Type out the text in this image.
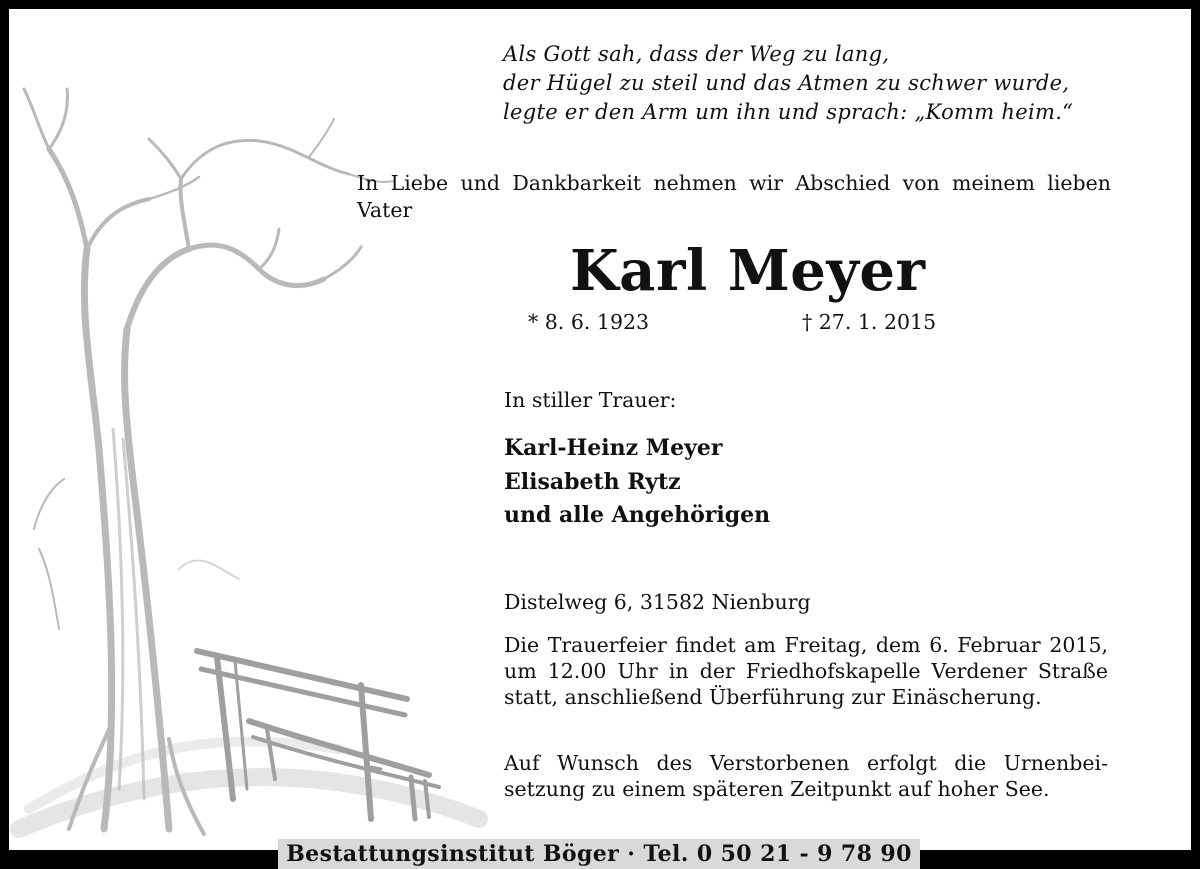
Als Gott sah, dass der Weg zu lang,
der Hügel zu steil und das Atmen zu schwer wurde,
legte er den Arm um ihn und sprach: „Komm heim.“
In Liebe und Dankbarkeit nehmen wir Abschied von meinem lieben Vater
Karl Meyer
* 8. 6. 1923	† 27. 1. 2015
In stiller Trauer:
Karl-Heinz Meyer
Elisabeth Rytz
und alle Angehörigen
Distelweg 6, 31582 Nienburg
Die Trauerfeier findet am Freitag, dem 6. Februar 2015, um 12.00 Uhr in der Friedhofskapelle Verdener Straße statt, anschließend Überführung zur Einäscherung.
Auf Wunsch des Verstorbenen erfolgt die Urnenbeisetzung zu einem späteren Zeitpunkt auf hoher See.
Bestattungsinstitut Böger · Tel. 0 50 21 - 9 78 90
